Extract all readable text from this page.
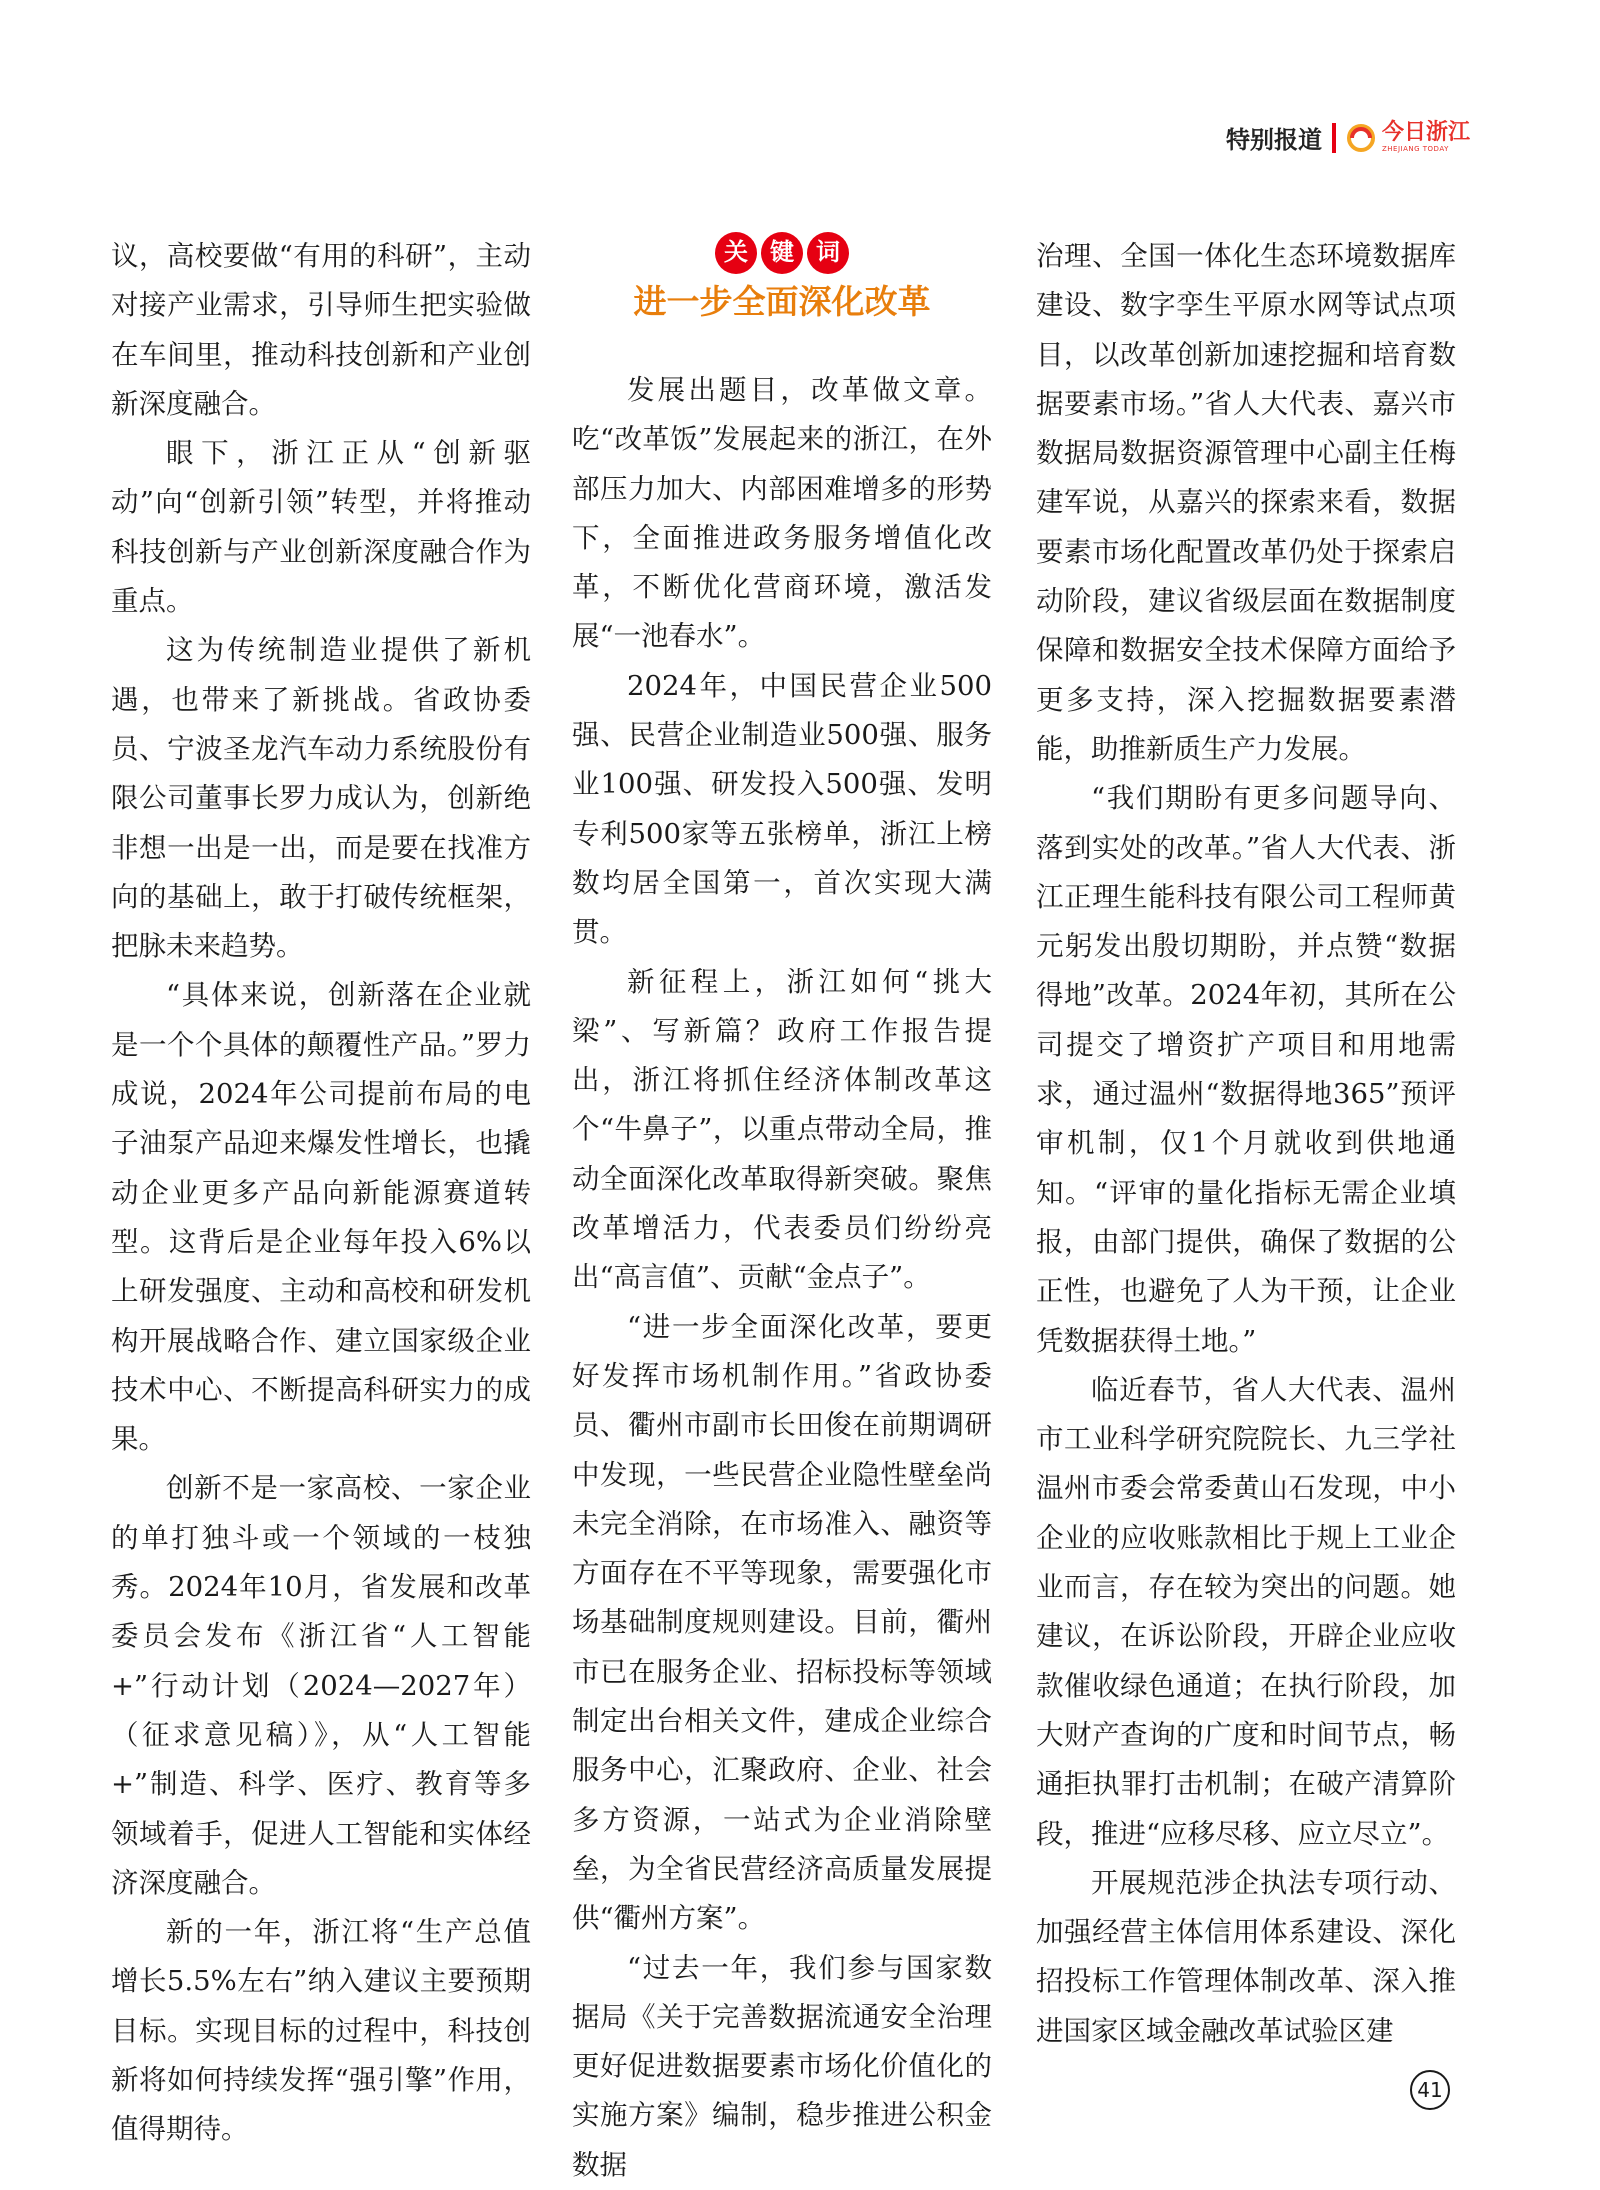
特别报道	今日浙江
ZHEJIANG TODAY

议，高校要做“有用的科研”，主动对接产业需求，引导师生把实验做在车间里，推动科技创新和产业创新深度融合。

眼下，浙江正从“创新驱动”向“创新引领”转型，并将推动科技创新与产业创新深度融合作为重点。

这为传统制造业提供了新机遇，也带来了新挑战。省政协委员、宁波圣龙汽车动力系统股份有限公司董事长罗力成认为，创新绝非想一出是一出，而是要在找准方向的基础上，敢于打破传统框架，把脉未来趋势。

“具体来说，创新落在企业就是一个个具体的颠覆性产品。”罗力成说，2024年公司提前布局的电子油泵产品迎来爆发性增长，也撬动企业更多产品向新能源赛道转型。这背后是企业每年投入6%以上研发强度、主动和高校和研发机构开展战略合作、建立国家级企业技术中心、不断提高科研实力的成果。

创新不是一家高校、一家企业的单打独斗或一个领域的一枝独秀。2024年10月，省发展和改革委员会发布《浙江省“人工智能+”行动计划（2024—2027年）（征求意见稿）》，从“人工智能+”制造、科学、医疗、教育等多领域着手，促进人工智能和实体经济深度融合。

新的一年，浙江将“生产总值增长5.5%左右”纳入建议主要预期目标。实现目标的过程中，科技创新将如何持续发挥“强引擎”作用，值得期待。

关 键 词
进一步全面深化改革

发展出题目，改革做文章。吃“改革饭”发展起来的浙江，在外部压力加大、内部困难增多的形势下，全面推进政务服务增值化改革，不断优化营商环境，激活发展“一池春水”。

2024年，中国民营企业500强、民营企业制造业500强、服务业100强、研发投入500强、发明专利500家等五张榜单，浙江上榜数均居全国第一，首次实现大满贯。

新征程上，浙江如何“挑大梁”、写新篇？政府工作报告提出，浙江将抓住经济体制改革这个“牛鼻子”，以重点带动全局，推动全面深化改革取得新突破。聚焦改革增活力，代表委员们纷纷亮出“高言值”、贡献“金点子”。

“进一步全面深化改革，要更好发挥市场机制作用。”省政协委员、衢州市副市长田俊在前期调研中发现，一些民营企业隐性壁垒尚未完全消除，在市场准入、融资等方面存在不平等现象，需要强化市场基础制度规则建设。目前，衢州市已在服务企业、招标投标等领域制定出台相关文件，建成企业综合服务中心，汇聚政府、企业、社会多方资源，一站式为企业消除壁垒，为全省民营经济高质量发展提供“衢州方案”。

“过去一年，我们参与国家数据局《关于完善数据流通安全治理 更好促进数据要素市场化价值化的实施方案》编制，稳步推进公积金数据

治理、全国一体化生态环境数据库建设、数字孪生平原水网等试点项目，以改革创新加速挖掘和培育数据要素市场。”省人大代表、嘉兴市数据局数据资源管理中心副主任梅建军说，从嘉兴的探索来看，数据要素市场化配置改革仍处于探索启动阶段，建议省级层面在数据制度保障和数据安全技术保障方面给予更多支持，深入挖掘数据要素潜能，助推新质生产力发展。

“我们期盼有更多问题导向、落到实处的改革。”省人大代表、浙江正理生能科技有限公司工程师黄元躬发出殷切期盼，并点赞“数据得地”改革。2024年初，其所在公司提交了增资扩产项目和用地需求，通过温州“数据得地365”预评审机制，仅1个月就收到供地通知。“评审的量化指标无需企业填报，由部门提供，确保了数据的公正性，也避免了人为干预，让企业凭数据获得土地。”

临近春节，省人大代表、温州市工业科学研究院院长、九三学社温州市委会常委黄山石发现，中小企业的应收账款相比于规上工业企业而言，存在较为突出的问题。她建议，在诉讼阶段，开辟企业应收款催收绿色通道；在执行阶段，加大财产查询的广度和时间节点，畅通拒执罪打击机制；在破产清算阶段，推进“应移尽移、应立尽立”。

开展规范涉企执法专项行动、加强经营主体信用体系建设、深化招投标工作管理体制改革、深入推进国家区域金融改革试验区建

41
